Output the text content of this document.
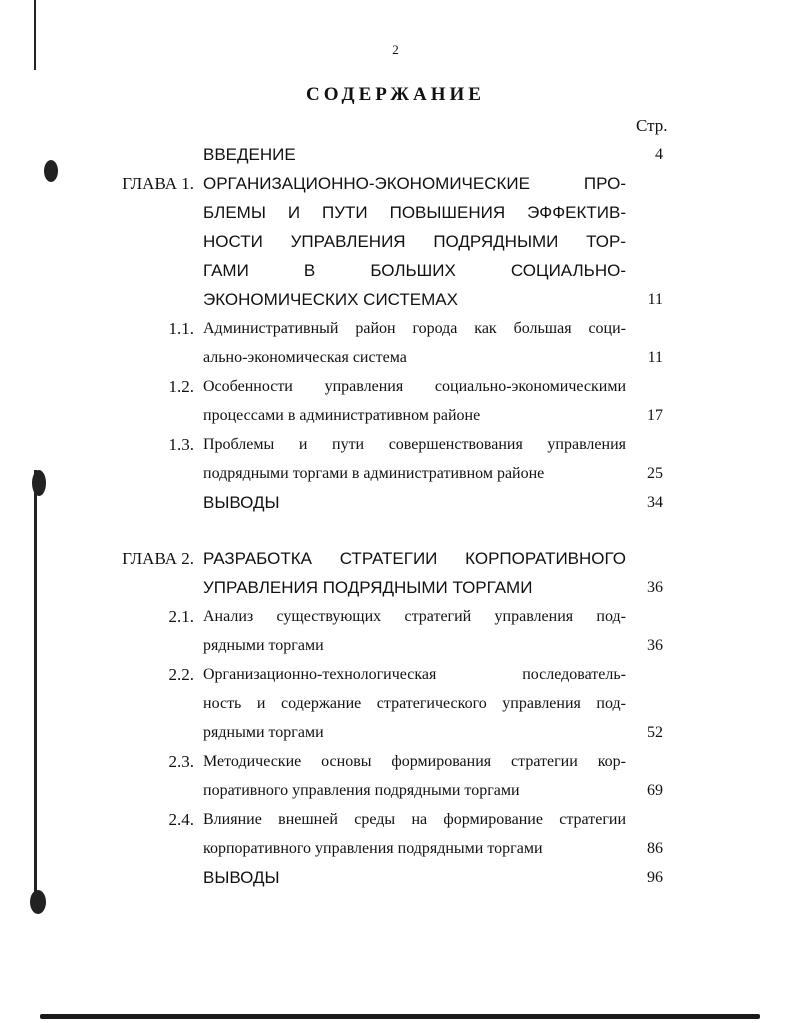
2
СОДЕРЖАНИЕ
Стр.
ВВЕДЕНИЕ	4
ГЛАВА 1. ОРГАНИЗАЦИОННО-ЭКОНОМИЧЕСКИЕ ПРО-
БЛЕМЫ И ПУТИ ПОВЫШЕНИЯ ЭФФЕКТИВ-
НОСТИ УПРАВЛЕНИЯ ПОДРЯДНЫМИ ТОР-
ГАМИ В БОЛЬШИХ СОЦИАЛЬНО-
ЭКОНОМИЧЕСКИХ СИСТЕМАХ	11
1.1. Административный район города как большая соци-
ально-экономическая система	11
1.2. Особенности управления социально-экономическими
процессами в административном районе	17
1.3. Проблемы и пути совершенствования управления
подрядными торгами в административном районе	25
ВЫВОДЫ	34
ГЛАВА 2. РАЗРАБОТКА СТРАТЕГИИ КОРПОРАТИВНОГО
УПРАВЛЕНИЯ ПОДРЯДНЫМИ ТОРГАМИ	36
2.1. Анализ существующих стратегий управления под-
рядными торгами	36
2.2. Организационно-технологическая последователь-
ность и содержание стратегического управления под-
рядными торгами	52
2.3. Методические основы формирования стратегии кор-
поративного управления подрядными торгами	69
2.4. Влияние внешней среды на формирование стратегии
корпоративного управления подрядными торгами	86
ВЫВОДЫ	96
